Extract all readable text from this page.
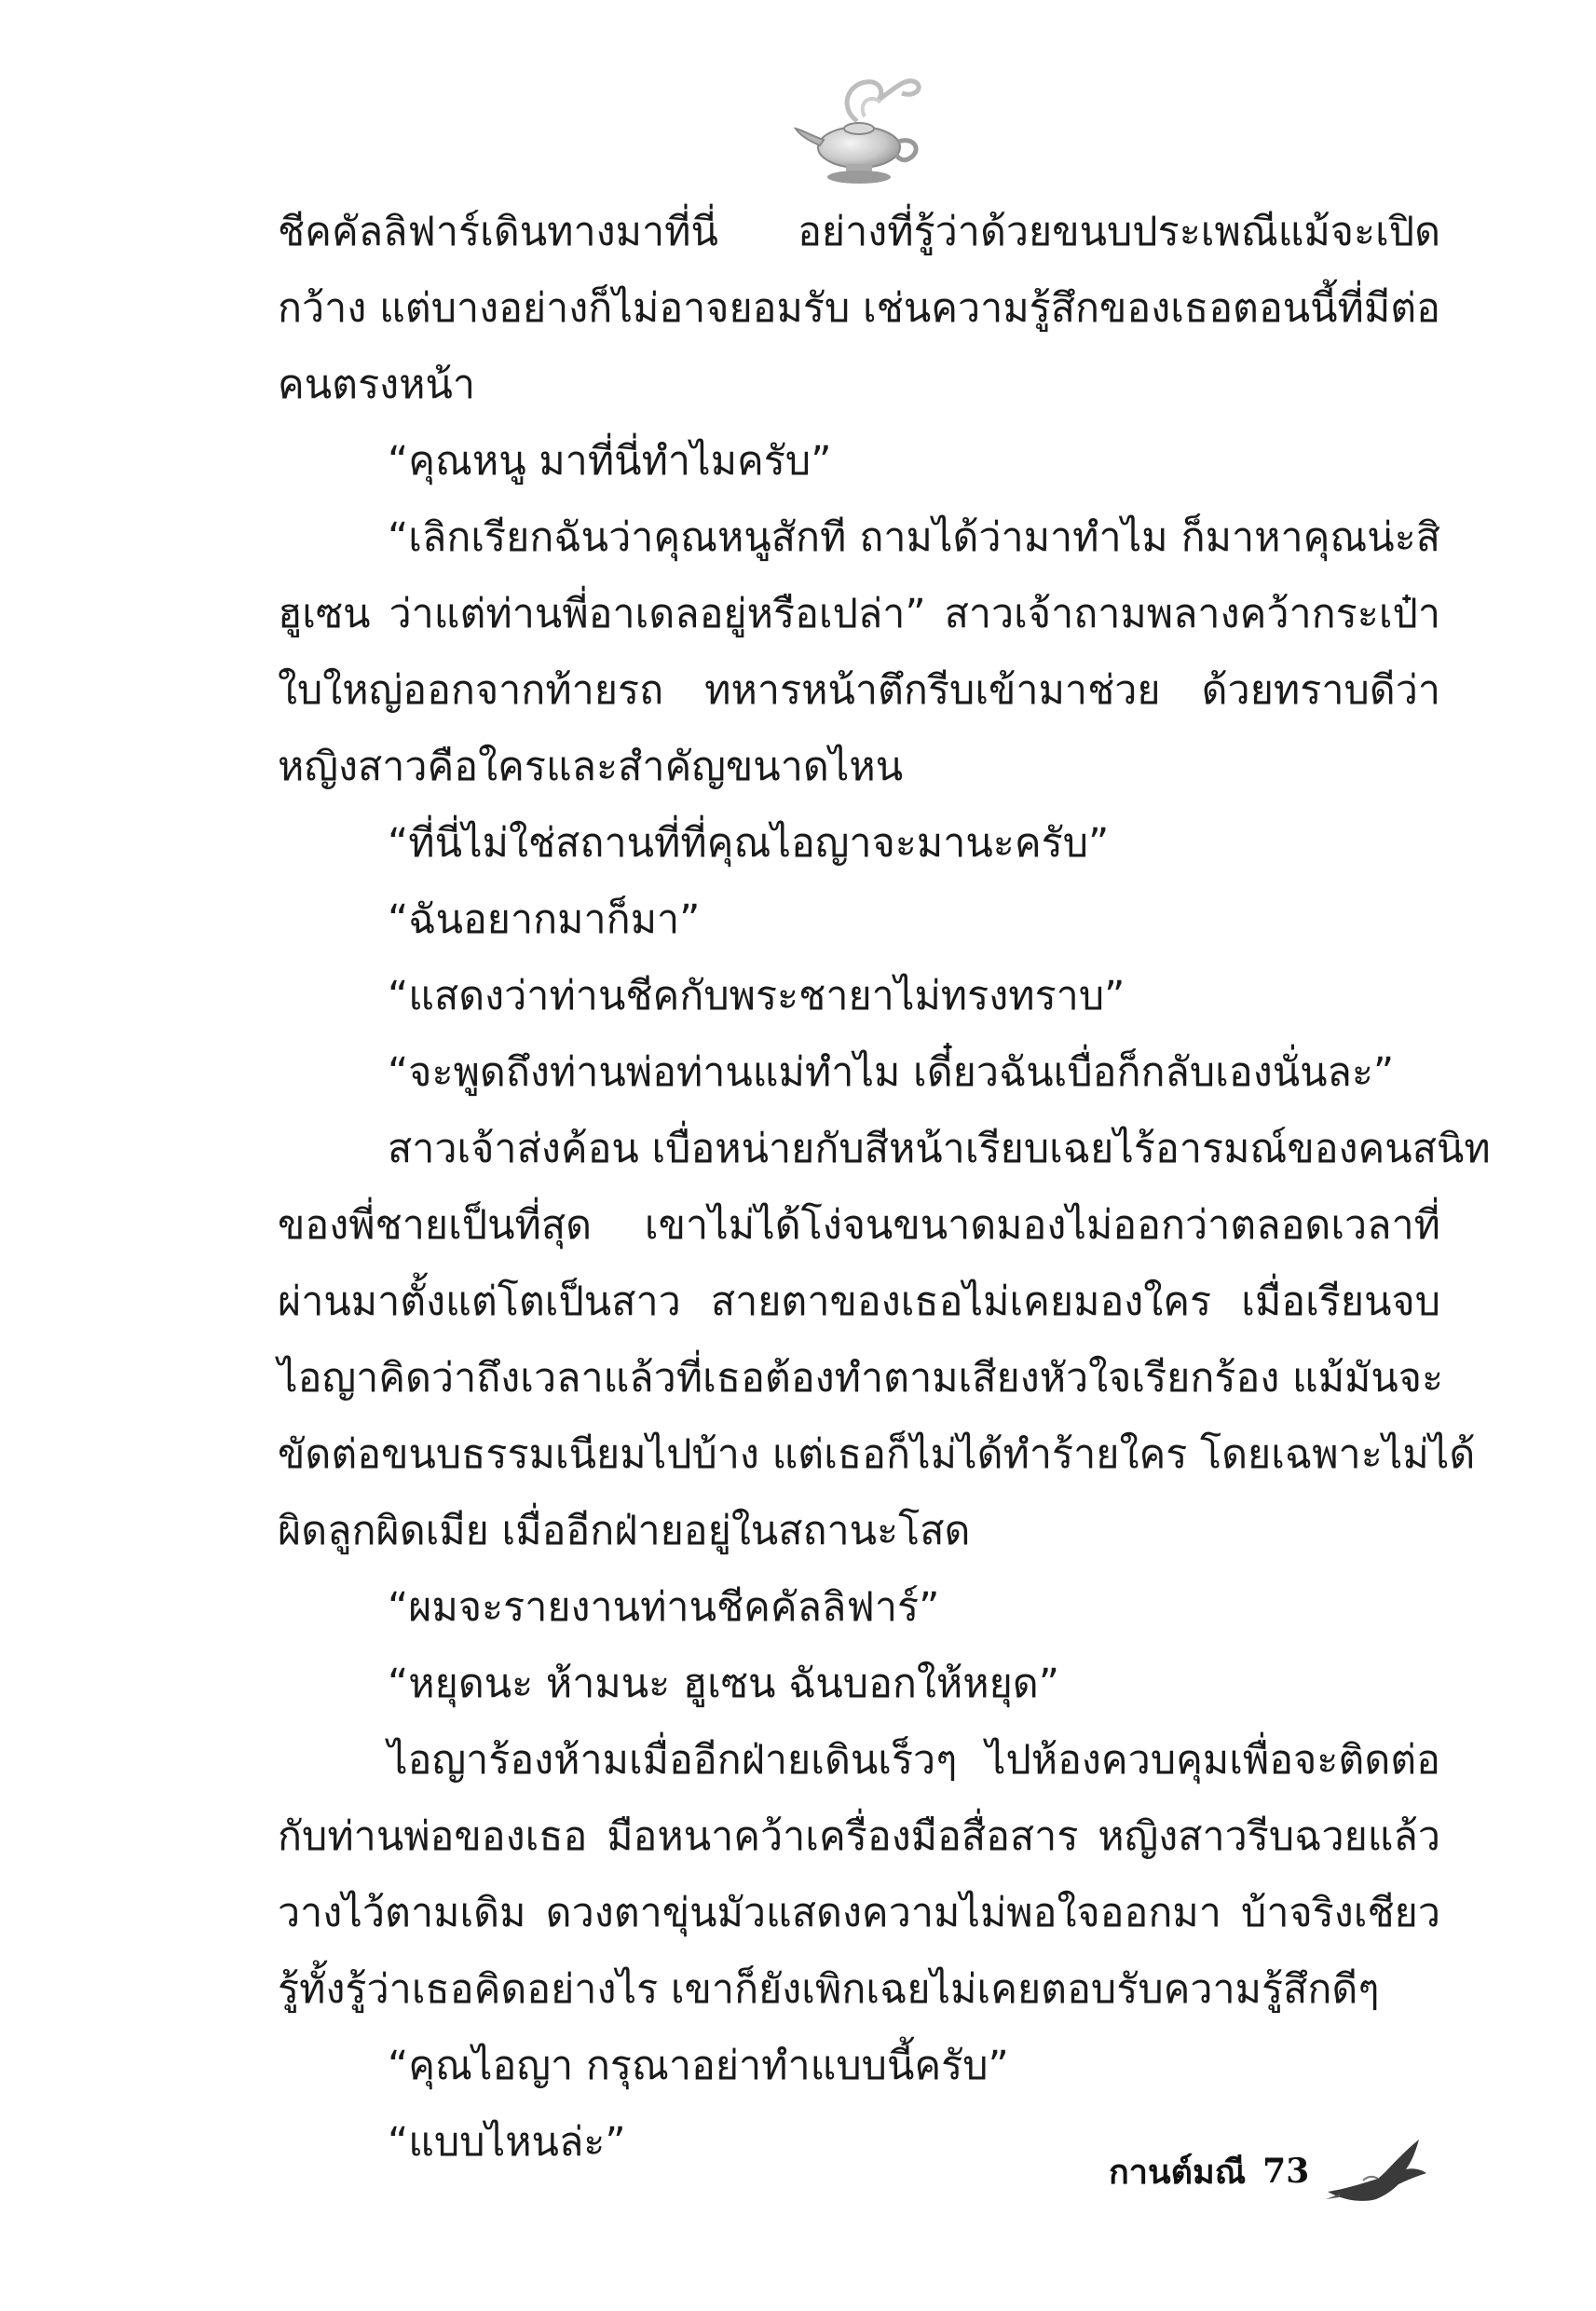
ชีคคัลลิฟาร์เดินทางมาที่นี่ อย่างที่รู้ว่าด้วยขนบประเพณีแม้จะเปิด
กว้าง แต่บางอย่างก็ไม่อาจยอมรับ เช่นความรู้สึกของเธอตอนนี้ที่มีต่อ
คนตรงหน้า
“คุณหนู มาที่นี่ทำไมครับ”
“เลิกเรียกฉันว่าคุณหนูสักที ถามได้ว่ามาทำไม ก็มาหาคุณน่ะสิ
ฮูเซน ว่าแต่ท่านพี่อาเดลอยู่หรือเปล่า” สาวเจ้าถามพลางคว้ากระเป๋า
ใบใหญ่ออกจากท้ายรถ ทหารหน้าตึกรีบเข้ามาช่วย ด้วยทราบดีว่า
หญิงสาวคือใครและสำคัญขนาดไหน
“ที่นี่ไม่ใช่สถานที่ที่คุณไอญาจะมานะครับ”
“ฉันอยากมาก็มา”
“แสดงว่าท่านชีคกับพระชายาไม่ทรงทราบ”
“จะพูดถึงท่านพ่อท่านแม่ทำไม เดี๋ยวฉันเบื่อก็กลับเองนั่นละ”
สาวเจ้าส่งค้อน เบื่อหน่ายกับสีหน้าเรียบเฉยไร้อารมณ์ของคนสนิท
ของพี่ชายเป็นที่สุด เขาไม่ได้โง่จนขนาดมองไม่ออกว่าตลอดเวลาที่
ผ่านมาตั้งแต่โตเป็นสาว สายตาของเธอไม่เคยมองใคร เมื่อเรียนจบ
ไอญาคิดว่าถึงเวลาแล้วที่เธอต้องทำตามเสียงหัวใจเรียกร้อง แม้มันจะ
ขัดต่อขนบธรรมเนียมไปบ้าง แต่เธอก็ไม่ได้ทำร้ายใคร โดยเฉพาะไม่ได้
ผิดลูกผิดเมีย เมื่ออีกฝ่ายอยู่ในสถานะโสด
“ผมจะรายงานท่านชีคคัลลิฟาร์”
“หยุดนะ ห้ามนะ ฮูเซน ฉันบอกให้หยุด”
ไอญาร้องห้ามเมื่ออีกฝ่ายเดินเร็วๆ ไปห้องควบคุมเพื่อจะติดต่อ
กับท่านพ่อของเธอ มือหนาคว้าเครื่องมือสื่อสาร หญิงสาวรีบฉวยแล้ว
วางไว้ตามเดิม ดวงตาขุ่นมัวแสดงความไม่พอใจออกมา บ้าจริงเชียว
รู้ทั้งรู้ว่าเธอคิดอย่างไร เขาก็ยังเพิกเฉยไม่เคยตอบรับความรู้สึกดีๆ
“คุณไอญา กรุณาอย่าทำแบบนี้ครับ”
“แบบไหนล่ะ”
กานต์มณี 73
